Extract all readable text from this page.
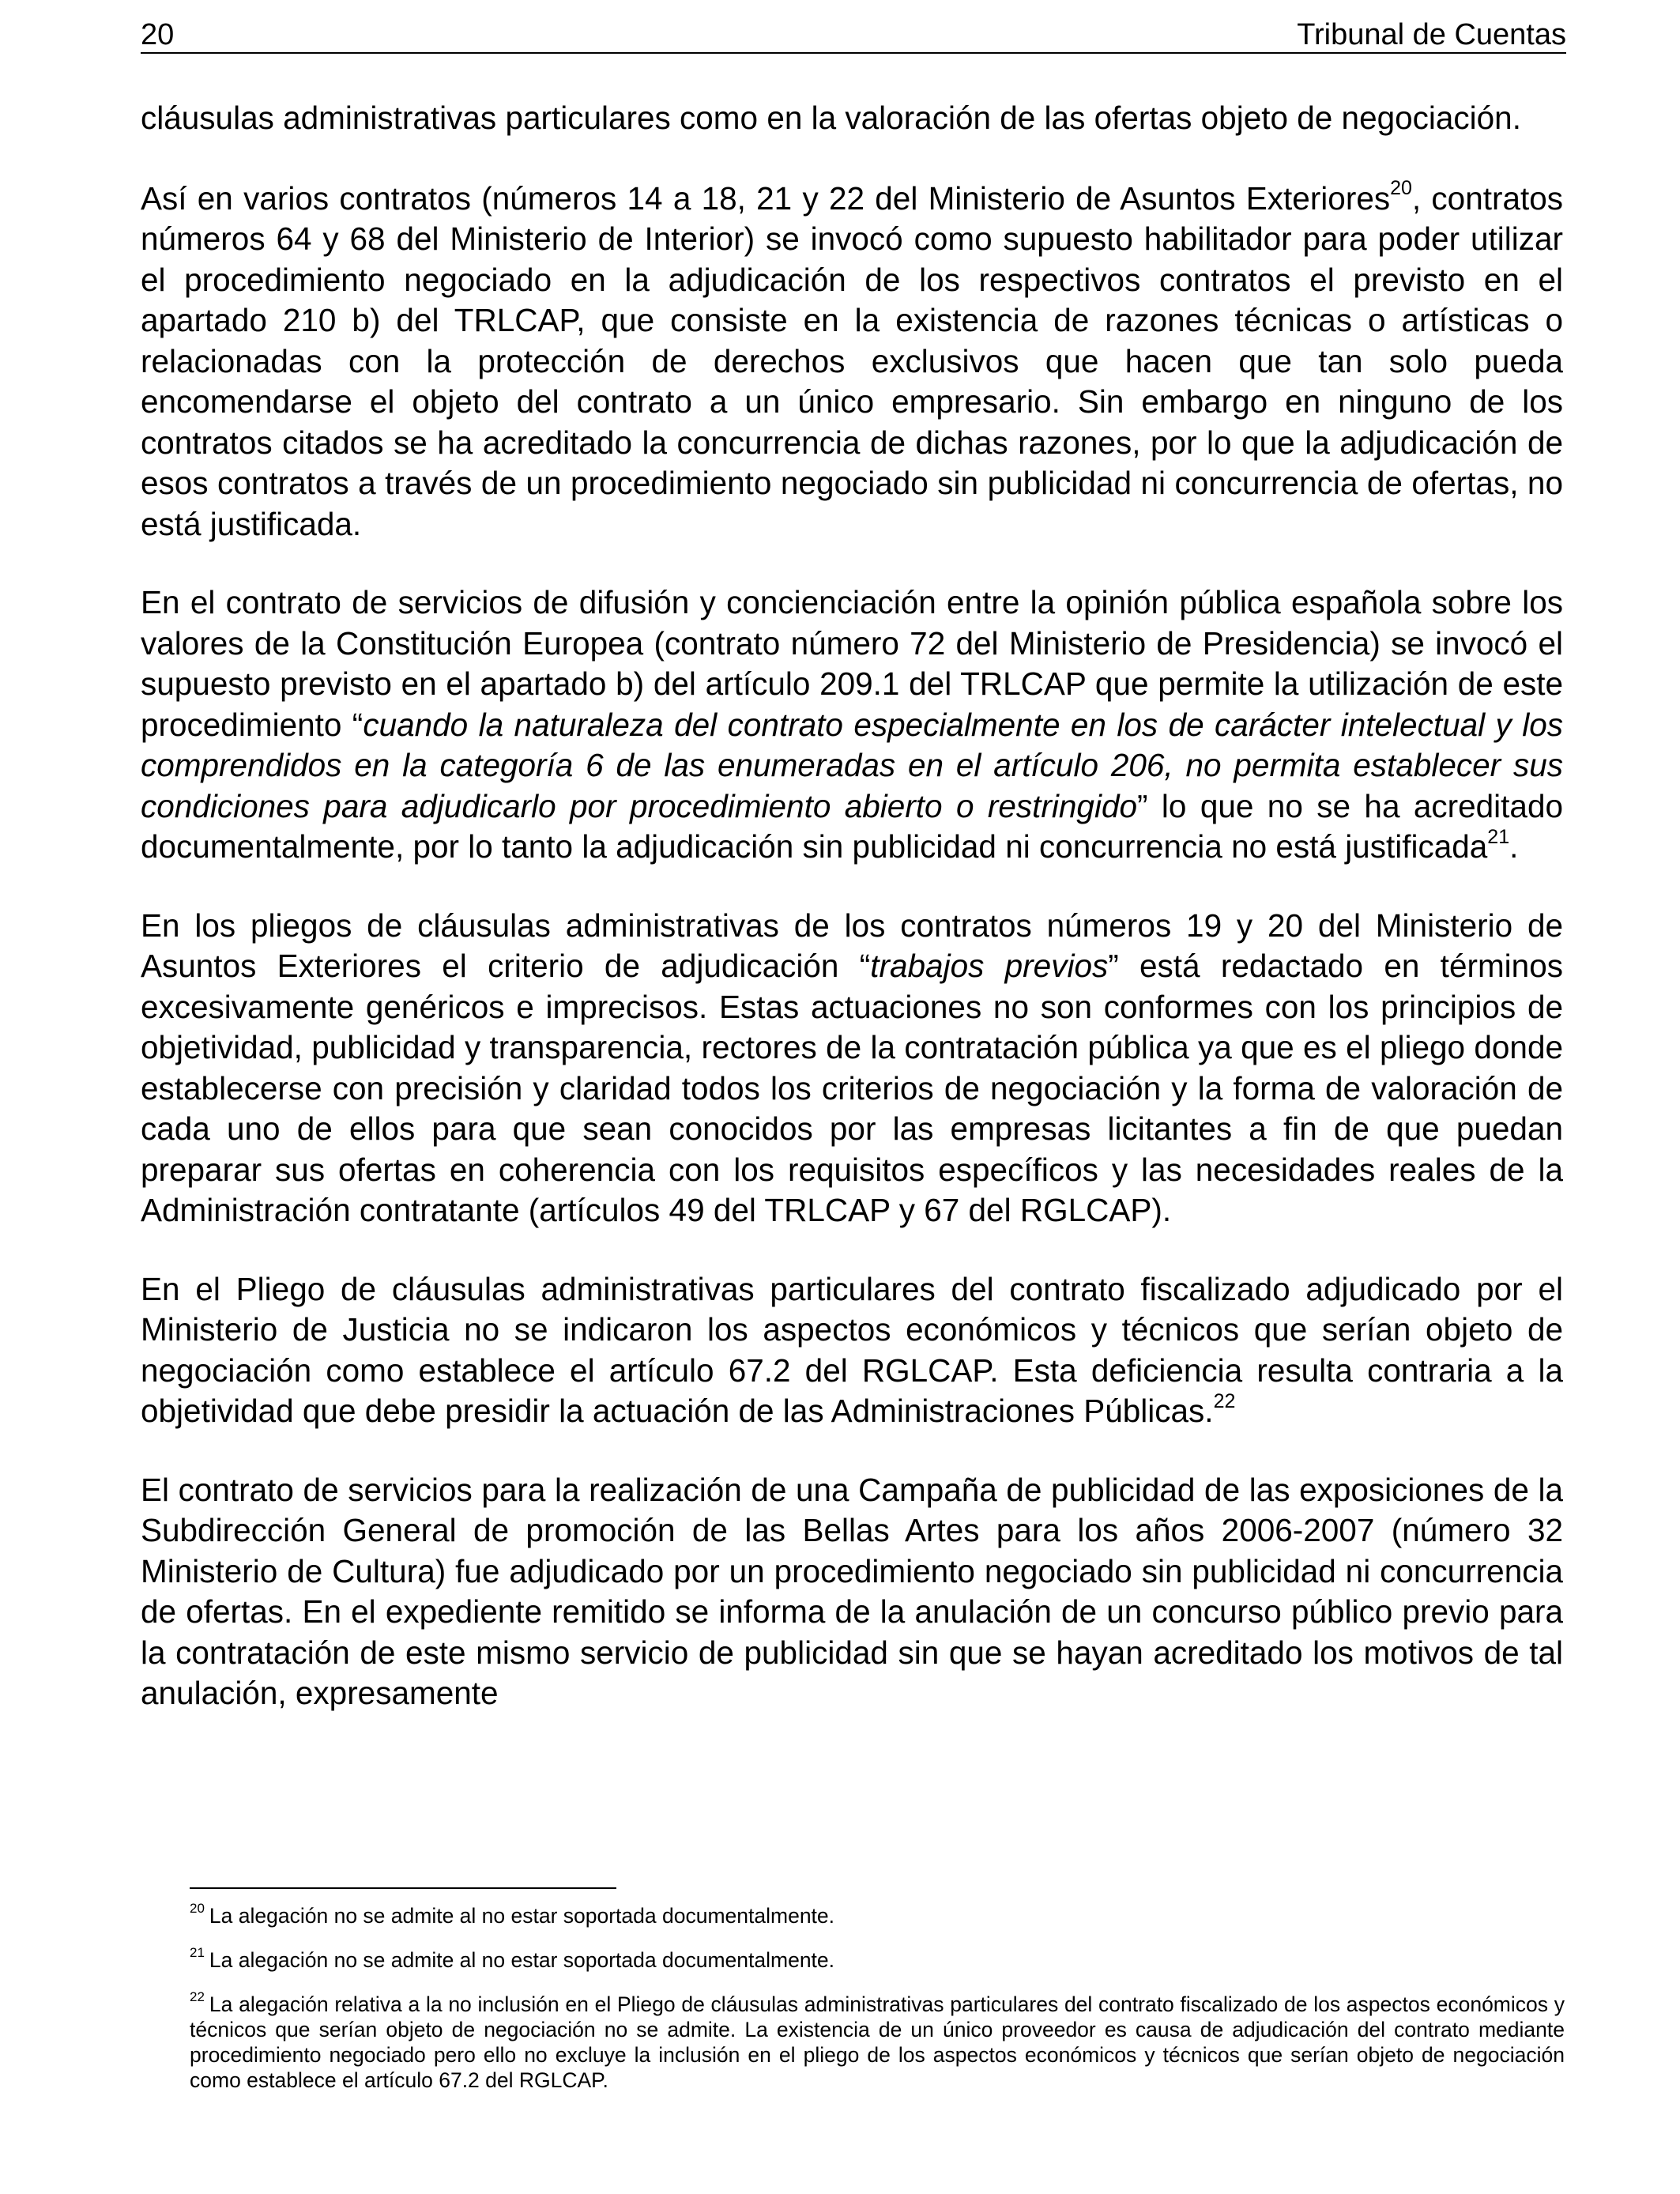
20	Tribunal de Cuentas

cláusulas administrativas particulares como en la valoración de las ofertas objeto de negociación.

Así en varios contratos (números 14 a 18, 21 y 22 del Ministerio de Asuntos Exteriores$^{20}$, contratos números 64 y 68 del Ministerio de Interior) se invocó como supuesto habilitador para poder utilizar el procedimiento negociado en la adjudicación de los respectivos contratos el previsto en el apartado 210 b) del TRLCAP, que consiste en la existencia de razones técnicas o artísticas o relacionadas con la protección de derechos exclusivos que hacen que tan solo pueda encomendarse el objeto del contrato a un único empresario. Sin embargo en ninguno de los contratos citados se ha acreditado la concurrencia de dichas razones, por lo que la adjudicación de esos contratos a través de un procedimiento negociado sin publicidad ni concurrencia de ofertas, no está justificada.

En el contrato de servicios de difusión y concienciación entre la opinión pública española sobre los valores de la Constitución Europea (contrato número 72 del Ministerio de Presidencia) se invocó el supuesto previsto en el apartado b) del artículo 209.1 del TRLCAP que permite la utilización de este procedimiento “cuando la naturaleza del contrato especialmente en los de carácter intelectual y los comprendidos en la categoría 6 de las enumeradas en el artículo 206, no permita establecer sus condiciones para adjudicarlo por procedimiento abierto o restringido” lo que no se ha acreditado documentalmente, por lo tanto la adjudicación sin publicidad ni concurrencia no está justificada$^{21}$.

En los pliegos de cláusulas administrativas de los contratos números 19 y 20 del Ministerio de Asuntos Exteriores el criterio de adjudicación “trabajos previos” está redactado en términos excesivamente genéricos e imprecisos. Estas actuaciones no son conformes con los principios de objetividad, publicidad y transparencia, rectores de la contratación pública ya que es el pliego donde establecerse con precisión y claridad todos los criterios de negociación y la forma de valoración de cada uno de ellos para que sean conocidos por las empresas licitantes a fin de que puedan preparar sus ofertas en coherencia con los requisitos específicos y las necesidades reales de la Administración contratante (artículos 49 del TRLCAP y 67 del RGLCAP).

En el Pliego de cláusulas administrativas particulares del contrato fiscalizado adjudicado por el Ministerio de Justicia no se indicaron los aspectos económicos y técnicos que serían objeto de negociación como establece el artículo 67.2 del RGLCAP. Esta deficiencia resulta contraria a la objetividad que debe presidir la actuación de las Administraciones Públicas.$^{22}$

El contrato de servicios para la realización de una Campaña de publicidad de las exposiciones de la Subdirección General de promoción de las Bellas Artes para los años 2006-2007 (número 32 Ministerio de Cultura) fue adjudicado por un procedimiento negociado sin publicidad ni concurrencia de ofertas. En el expediente remitido se informa de la anulación de un concurso público previo para la contratación de este mismo servicio de publicidad sin que se hayan acreditado los motivos de tal anulación, expresamente

$^{20}$ La alegación no se admite al no estar soportada documentalmente.

$^{21}$ La alegación no se admite al no estar soportada documentalmente.

$^{22}$ La alegación relativa a la no inclusión en el Pliego de cláusulas administrativas particulares del contrato fiscalizado de los aspectos económicos y técnicos que serían objeto de negociación no se admite. La existencia de un único proveedor es causa de adjudicación del contrato mediante procedimiento negociado pero ello no excluye la inclusión en el pliego de los aspectos económicos y técnicos que serían objeto de negociación como establece el artículo 67.2 del RGLCAP.
